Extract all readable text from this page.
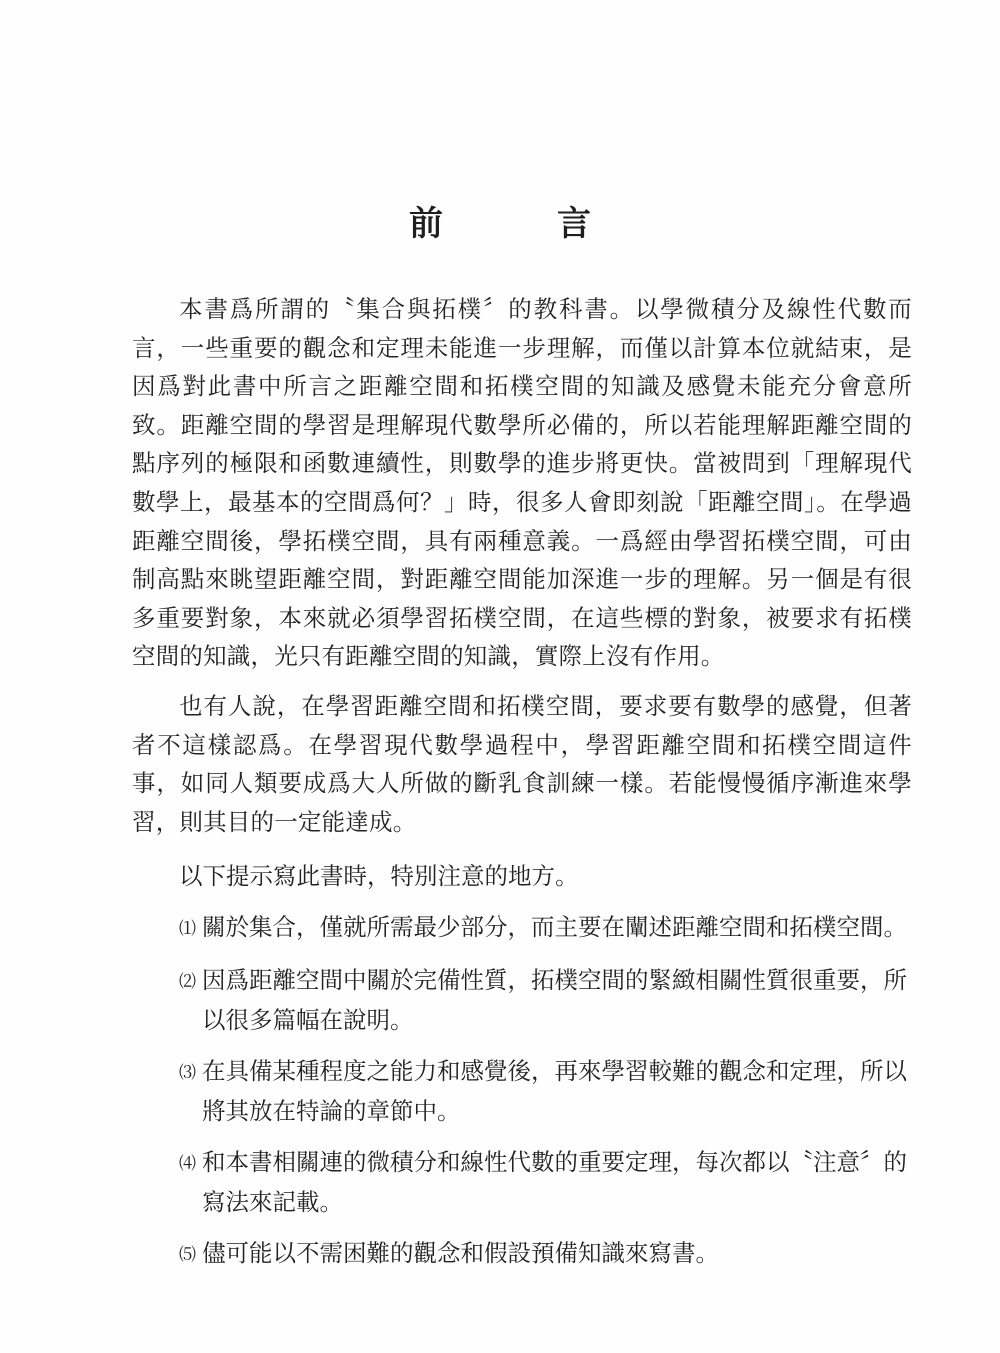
前　言

本書爲所謂的〝集合與拓樸〞的教科書。以學微積分及線性代數而言，一些重要的觀念和定理未能進一步理解，而僅以計算本位就結束，是因爲對此書中所言之距離空間和拓樸空間的知識及感覺未能充分會意所致。距離空間的學習是理解現代數學所必備的，所以若能理解距離空間的點序列的極限和函數連續性，則數學的進步將更快。當被問到「理解現代數學上，最基本的空間爲何？」時，很多人會即刻說「距離空間」。在學過距離空間後，學拓樸空間，具有兩種意義。一爲經由學習拓樸空間，可由制高點來眺望距離空間，對距離空間能加深進一步的理解。另一個是有很多重要對象，本來就必須學習拓樸空間，在這些標的對象，被要求有拓樸空間的知識，光只有距離空間的知識，實際上沒有作用。

也有人說，在學習距離空間和拓樸空間，要求要有數學的感覺，但著者不這樣認爲。在學習現代數學過程中，學習距離空間和拓樸空間這件事，如同人類要成爲大人所做的斷乳食訓練一樣。若能慢慢循序漸進來學習，則其目的一定能達成。

以下提示寫此書時，特別注意的地方。

⑴ 關於集合，僅就所需最少部分，而主要在闡述距離空間和拓樸空間。
⑵ 因爲距離空間中關於完備性質，拓樸空間的緊緻相關性質很重要，所以很多篇幅在說明。
⑶ 在具備某種程度之能力和感覺後，再來學習較難的觀念和定理，所以將其放在特論的章節中。
⑷ 和本書相關連的微積分和線性代數的重要定理，每次都以〝注意〞的寫法來記載。
⑸ 儘可能以不需困難的觀念和假設預備知識來寫書。
